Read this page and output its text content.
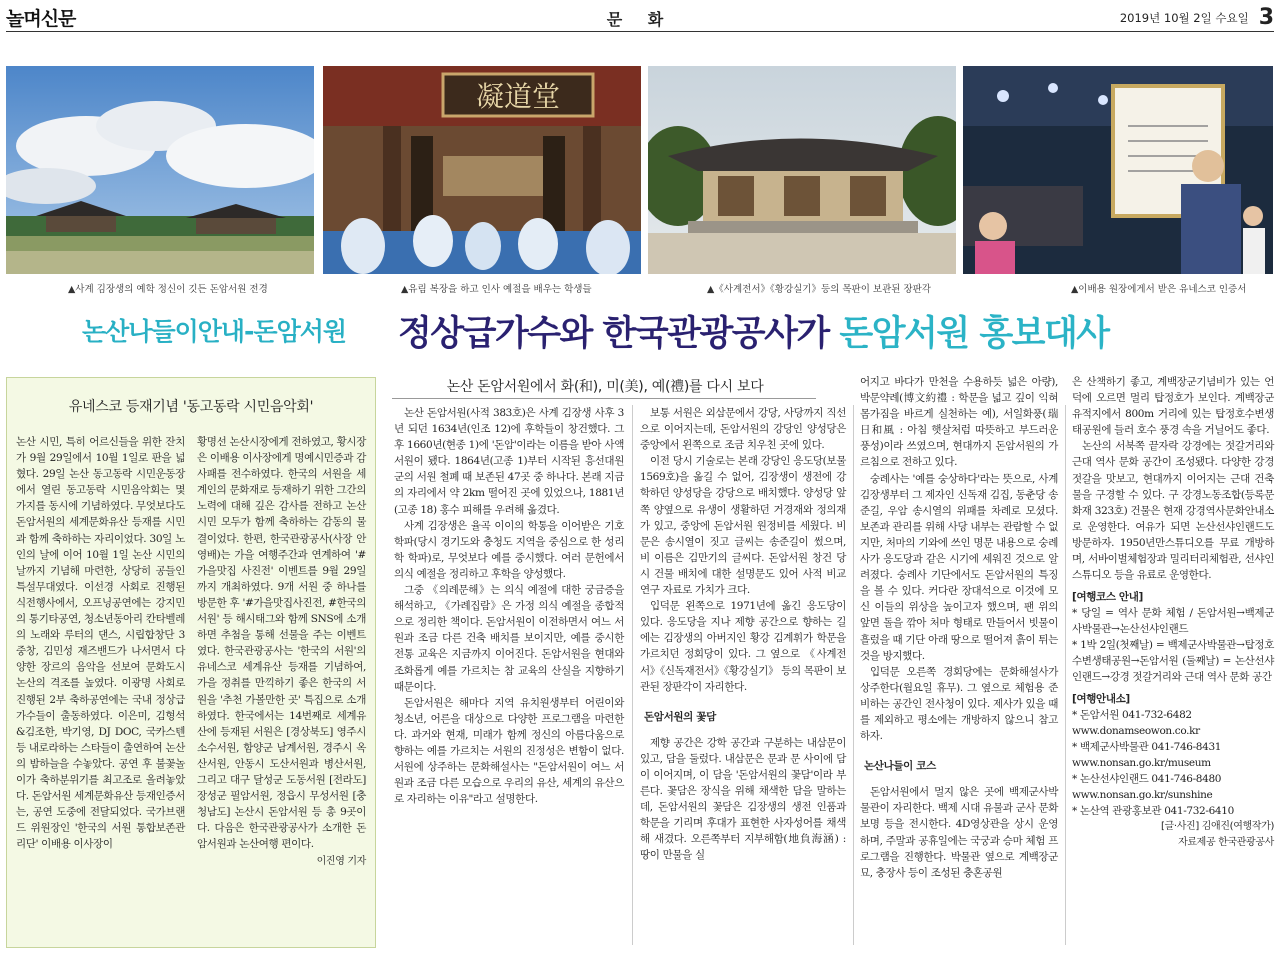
놀며신문	문 화	2019년 10월 2일 수요일 3
凝道堂
▲사계 김장생의 예학 정신이 깃든 돈암서원 전경	▲유림 복장을 하고 인사 예절을 배우는 학생들	▲《사계전서》《황강실기》등의 목판이 보관된 장판각	▲이배용 원장에게서 받은 유네스코 인증서
논산나들이안내-돈암서원 정상급가수와 한국관광공사가 돈암서원 홍보대사
유네스코 등재기념 '동고동락 시민음악회'
논산 시민, 특히 어르신들을 위한 잔치가 9월 29일에서 10월 1일로 판을 넓혔다. 29일 논산 동고동락 시민운동장에서 열린 동고동락 시민음악회는 몇 가지를 동시에 기념하였다. 무엇보다도 돈암서원의 세계문화유산 등재를 시민과 함께 축하하는 자리이었다. 30일 노인의 날에 이어 10월 1일 논산 시민의 날까지 기념해 마련한, 상당히 공들인 특설무대였다. 이선경 사회로 진행된 식전행사에서, 오프닝공연에는 강지민의 통기타공연, 청소년동아리 칸타벨레의 노래와 루터의 댄스, 시립합창단 3중창, 김민성 재즈밴드가 나서면서 다양한 장르의 음악을 선보여 문화도시 논산의 격조를 높였다. 이광명 사회로 진행된 2부 축하공연에는 국내 정상급 가수들이 출동하였다. 이은미, 김형석&김조한, 박기영, DJ DOC, 국카스텐 등 내로라하는 스타들이 출연하여 논산의 밤하늘을 수놓았다. 공연 후 불꽃놀이가 축하분위기를 최고조로 올려놓았다. 돈암서원 세계문화유산 등재인증서는, 공연 도중에 전달되었다. 국가브랜드 위원장인 '한국의 서원 통합보존관리단' 이배용 이사장이
황명선 논산시장에게 전하였고, 황시장은 이배용 이사장에게 명예시민증과 감사패를 전수하였다. 한국의 서원을 세계인의 문화재로 등재하기 위한 그간의 노력에 대해 깊은 감사를 전하고 논산 시민 모두가 함께 축하하는 감동의 물결이었다. 한편, 한국관광공사(사장 안영배)는 가을 여행주간과 연계하여 '#가을맛집 사진전' 이벤트를 9월 29일까지 개최하였다. 9개 서원 중 하나를 방문한 후 '#가을맛집사진전, #한국의서원' 등 해시태그와 함께 SNS에 소개하면 추첨을 통해 선물을 주는 이벤트였다. 한국관광공사는 '한국의 서원'의 유네스코 세계유산 등재를 기념하여, 가을 정취를 만끽하기 좋은 한국의 서원을 '추천 가볼만한 곳' 특집으로 소개하였다. 한국에서는 14번째로 세계유산에 등재된 서원은 [경상북도] 영주시 소수서원, 함양군 남계서원, 경주시 옥산서원, 안동시 도산서원과 병산서원, 그리고 대구 달성군 도동서원 [전라도] 장성군 필암서원, 정읍시 무성서원 [충청남도] 논산시 돈암서원 등 총 9곳이다. 다음은 한국관광공사가 소개한 돈암서원과 논산여행 편이다.
이진영 기자
논산 돈암서원에서 화(和), 미(美), 예(禮)를 다시 보다

논산 돈암서원(사적 383호)은 사계 김장생 사후 3년 되던 1634년(인조 12)에 후학들이 창건했다. 그 후 1660년(현종 1)에 '돈암'이라는 이름을 받아 사액서원이 됐다. 1864년(고종 1)부터 시작된 흥선대원군의 서원 철폐 때 보존된 47곳 중 하나다. 본래 지금의 자리에서 약 2km 떨어진 곳에 있었으나, 1881년(고종 18) 홍수 피해를 우려해 옮겼다.

사계 김장생은 율곡 이이의 학통을 이어받은 기호학파(당시 경기도와 충청도 지역을 중심으로 한 성리학 학파)로, 무엇보다 예를 중시했다. 여러 문헌에서 의식 예절을 정리하고 후학을 양성했다.

그중 《의례문해》는 의식 예절에 대한 궁금증을 해석하고, 《가례집람》은 가정 의식 예절을 종합적으로 정리한 책이다. 돈암서원이 이전하면서 여느 서원과 조금 다른 건축 배치를 보이지만, 예를 중시한 전통 교육은 지금까지 이어진다. 돈암서원을 현대와 조화롭게 예를 가르치는 참 교육의 산실을 지향하기 때문이다.

돈암서원은 해마다 지역 유치원생부터 어린이와 청소년, 어른을 대상으로 다양한 프로그램을 마련한다. 과거와 현재, 미래가 함께 정신의 아름다움으로 향하는 예를 가르치는 서원의 진정성은 변함이 없다. 서원에 상주하는 문화해설사는 "돈암서원이 여느 서원과 조금 다른 모습으로 우리의 유산, 세계의 유산으로 자리하는 이유"라고 설명한다.

보통 서원은 외삼문에서 강당, 사당까지 직선으로 이어지는데, 돈암서원의 강당인 양성당은 중앙에서 왼쪽으로 조금 치우친 곳에 있다.

이전 당시 기술로는 본래 강당인 응도당(보물 1569호)을 옮길 수 없어, 김장생이 생전에 강학하던 양성당을 강당으로 배치했다. 양성당 앞쪽 양옆으로 유생이 생활하던 거경재와 정의재가 있고, 중앙에 돈암서원 원정비를 세웠다. 비문은 송시열이 짓고 글씨는 송준길이 썼으며, 비 이름은 김만기의 글씨다. 돈암서원 창건 당시 건물 배치에 대한 설명문도 있어 사적 비교 연구 자료로 가치가 크다.

입덕문 왼쪽으로 1971년에 옮긴 응도당이 있다. 응도당을 지나 제향 공간으로 향하는 길에는 김장생의 아버지인 황강 김계휘가 학문을 가르치던 정회당이 있다. 그 옆으로 《사계전서》《신독재전서》《황강실기》 등의 목판이 보관된 장판각이 자리한다.

돈암서원의 꽃담

제향 공간은 강학 공간과 구분하는 내삼문이 있고, 담을 둘렀다. 내삼문은 문과 문 사이에 담이 이어지며, 이 담을 '돈암서원의 꽃담'이라 부른다. 꽃담은 장식을 위해 채색한 담을 말하는데, 돈암서원의 꽃담은 김장생의 생전 인품과 학문을 기리며 후대가 표현한 사자성어를 채색해 새겼다. 오른쪽부터 지부해함(地負海涵) : 땅이 만물을 실

어지고 바다가 만천을 수용하듯 넓은 아량), 박문약례(博文約禮 : 학문을 넓고 깊이 익혀 몸가짐을 바르게 실천하는 예), 서일화풍(瑞日和風 : 아침 햇살처럼 따뜻하고 부드러운 풍성)이라 쓰였으며, 현대까지 돈암서원의 가르침으로 전하고 있다.

숭례사는 '예를 숭상하다'라는 뜻으로, 사계 김장생부터 그 제자인 신독재 김집, 동춘당 송준길, 우암 송시열의 위패를 차례로 모셨다. 보존과 관리를 위해 사당 내부는 관람할 수 없지만, 처마의 기와에 쓰인 명문 내용으로 숭례사가 응도당과 같은 시기에 세워진 것으로 알려졌다. 숭례사 기단에서도 돈암서원의 특징을 볼 수 있다. 커다란 장대석으로 이것에 모신 이들의 위상을 높이고자 했으며, 팬 위의 앞면 돌을 깎아 처마 형태로 만들어서 빗물이 흘렀을 때 기단 아래 땅으로 떨어져 흙이 튀는 것을 방지했다.

입덕문 오른쪽 경회당에는 문화해설사가 상주한다(월요일 휴무). 그 옆으로 체험용 준비하는 공간인 전사청이 있다. 제사가 있을 때를 제외하고 평소에는 개방하지 않으니 참고하자.

논산나들이 코스

돈암서원에서 멀지 않은 곳에 백제군사박물관이 자리한다. 백제 시대 유물과 군사 문화 보명 등을 전시한다. 4D영상관을 상시 운영하며, 주말과 공휴일에는 국궁과 승마 체험 프로그램을 진행한다. 박물관 옆으로 계백장군묘, 충장사 등이 조성된 충혼공원

은 산책하기 좋고, 계백장군기념비가 있는 언덕에 오르면 멀리 탑정호가 보인다. 계백장군유적지에서 800m 거리에 있는 탑정호수변생태공원에 들러 호수 풍경 속을 거닐어도 좋다.

논산의 서북쪽 끝자락 강경에는 젓갈거리와 근대 역사 문화 공간이 조성됐다. 다양한 강경 젓갈을 맛보고, 현대까지 이어지는 근대 건축물을 구경할 수 있다. 구 강경노동조합(등록문화재 323호) 건물은 현재 강경역사문화안내소로 운영한다. 여유가 되면 논산선샤인랜드도 방문하자. 1950년만스튜디오를 무료 개방하며, 서바이벌체험장과 밀리터리체험관, 선샤인스튜디오 등을 유료로 운영한다.

[여행코스 안내]
* 당일 = 역사 문화 체험 / 돈암서원→백제군사박물관→논산선샤인랜드
* 1박 2일(첫째날) = 백제군사박물관→탑정호수변생태공원→돈암서원 (둘째날) = 논산선샤인랜드→강경 젓갈거리와 근대 역사 문화 공간
[여행안내소]
* 돈암서원 041-732-6482
www.donamseowon.co.kr
* 백제군사박물관 041-746-8431
www.nonsan.go.kr/museum
* 논산선샤인랜드 041-746-8480
www.nonsan.go.kr/sunshine
* 논산역 관광홍보관 041-732-6410
[글·사진] 김애진(여행작가)
자료제공 한국관광공사
